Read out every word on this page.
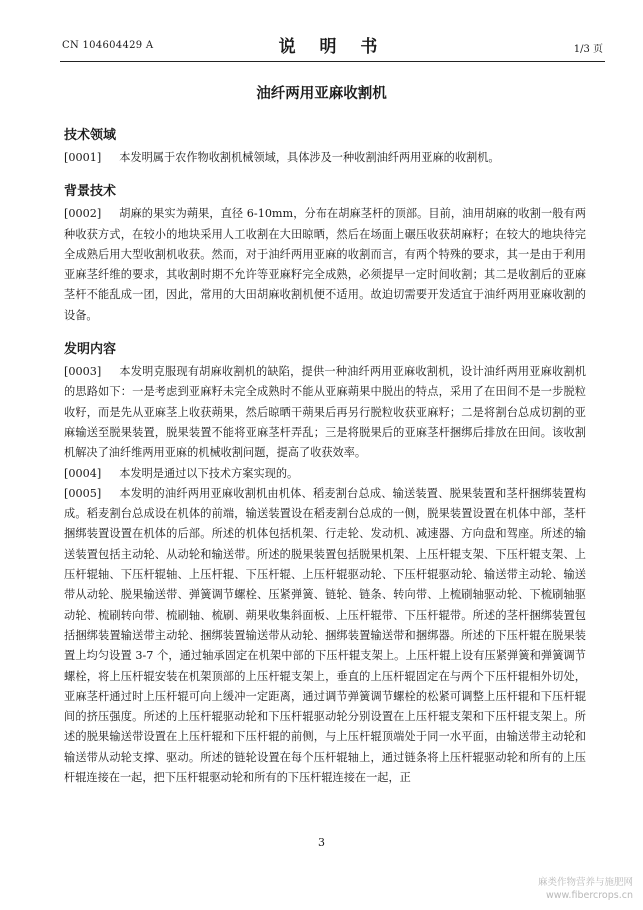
CN 104604429 A	说 明 书	1/3 页
油纤两用亚麻收割机
技术领域

[0001] 本发明属于农作物收割机械领域，具体涉及一种收割油纤两用亚麻的收割机。

背景技术

[0002] 胡麻的果实为蒴果，直径 6-10mm，分布在胡麻茎杆的顶部。目前，油用胡麻的收割一般有两种收获方式，在较小的地块采用人工收割在大田晾晒，然后在场面上碾压收获胡麻籽；在较大的地块待完全成熟后用大型收割机收获。然而，对于油纤两用亚麻的收割而言，有两个特殊的要求，其一是由于利用亚麻茎纤维的要求，其收割时期不允许等亚麻籽完全成熟，必须提早一定时间收割；其二是收割后的亚麻茎杆不能乱成一团，因此，常用的大田胡麻收割机便不适用。故迫切需要开发适宜于油纤两用亚麻收割的设备。

发明内容

[0003] 本发明克服现有胡麻收割机的缺陷，提供一种油纤两用亚麻收割机，设计油纤两用亚麻收割机的思路如下：一是考虑到亚麻籽未完全成熟时不能从亚麻蒴果中脱出的特点，采用了在田间不是一步脱粒收籽，而是先从亚麻茎上收获蒴果，然后晾晒干蒴果后再另行脱粒收获亚麻籽；二是将割台总成切割的亚麻输送至脱果装置，脱果装置不能将亚麻茎杆弄乱；三是将脱果后的亚麻茎杆捆绑后排放在田间。该收割机解决了油纤维两用亚麻的机械收割问题，提高了收获效率。

[0004] 本发明是通过以下技术方案实现的。

[0005] 本发明的油纤两用亚麻收割机由机体、稻麦割台总成、输送装置、脱果装置和茎杆捆绑装置构成。稻麦割台总成设在机体的前端，输送装置设在稻麦割台总成的一侧，脱果装置设置在机体中部，茎杆捆绑装置设置在机体的后部。所述的机体包括机架、行走轮、发动机、减速器、方向盘和驾座。所述的输送装置包括主动轮、从动轮和输送带。所述的脱果装置包括脱果机架、上压杆辊支架、下压杆辊支架、上压杆辊轴、下压杆辊轴、上压杆辊、下压杆辊、上压杆辊驱动轮、下压杆辊驱动轮、输送带主动轮、输送带从动轮、脱果输送带、弹簧调节螺栓、压紧弹簧、链轮、链条、转向带、上梳刷轴驱动轮、下梳刷轴驱动轮、梳刷转向带、梳刷轴、梳刷、蒴果收集斜面板、上压杆辊带、下压杆辊带。所述的茎杆捆绑装置包括捆绑装置输送带主动轮、捆绑装置输送带从动轮、捆绑装置输送带和捆绑器。所述的下压杆辊在脱果装置上均匀设置 3-7 个，通过轴承固定在机架中部的下压杆辊支架上。上压杆辊上设有压紧弹簧和弹簧调节螺栓，将上压杆辊安装在机架顶部的上压杆辊支架上，垂直的上压杆辊固定在与两个下压杆辊相外切处，亚麻茎杆通过时上压杆辊可向上缓冲一定距离，通过调节弹簧调节螺栓的松紧可调整上压杆辊和下压杆辊间的挤压强度。所述的上压杆辊驱动轮和下压杆辊驱动轮分别设置在上压杆辊支架和下压杆辊支架上。所述的脱果输送带设置在上压杆辊和下压杆辊的前侧，与上压杆辊顶端处于同一水平面，由输送带主动轮和输送带从动轮支撑、驱动。所述的链轮设置在每个压杆辊轴上，通过链条将上压杆辊驱动轮和所有的上压杆辊连接在一起，把下压杆辊驱动轮和所有的下压杆辊连接在一起，正

3
麻类作物营养与施肥网
www.fibercrops.cn
